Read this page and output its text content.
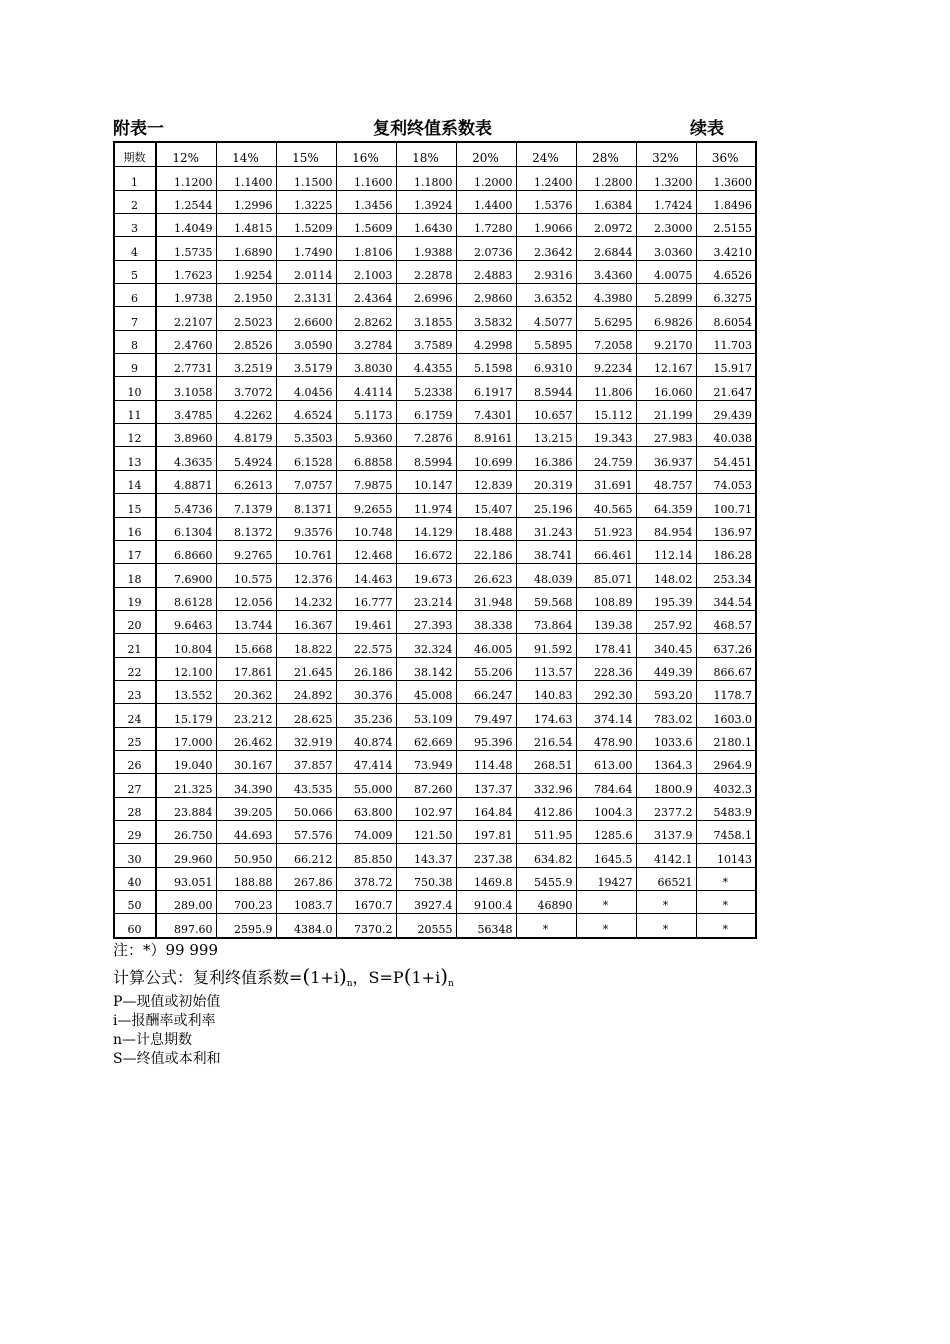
附表一	复利终值系数表	续表
期数	12%	14%	15%	16%	18%	20%	24%	28%	32%	36%
1	1.1200	1.1400	1.1500	1.1600	1.1800	1.2000	1.2400	1.2800	1.3200	1.3600
2	1.2544	1.2996	1.3225	1.3456	1.3924	1.4400	1.5376	1.6384	1.7424	1.8496
3	1.4049	1.4815	1.5209	1.5609	1.6430	1.7280	1.9066	2.0972	2.3000	2.5155
4	1.5735	1.6890	1.7490	1.8106	1.9388	2.0736	2.3642	2.6844	3.0360	3.4210
5	1.7623	1.9254	2.0114	2.1003	2.2878	2.4883	2.9316	3.4360	4.0075	4.6526
6	1.9738	2.1950	2.3131	2.4364	2.6996	2.9860	3.6352	4.3980	5.2899	6.3275
7	2.2107	2.5023	2.6600	2.8262	3.1855	3.5832	4.5077	5.6295	6.9826	8.6054
8	2.4760	2.8526	3.0590	3.2784	3.7589	4.2998	5.5895	7.2058	9.2170	11.703
9	2.7731	3.2519	3.5179	3.8030	4.4355	5.1598	6.9310	9.2234	12.167	15.917
10	3.1058	3.7072	4.0456	4.4114	5.2338	6.1917	8.5944	11.806	16.060	21.647
11	3.4785	4.2262	4.6524	5.1173	6.1759	7.4301	10.657	15.112	21.199	29.439
12	3.8960	4.8179	5.3503	5.9360	7.2876	8.9161	13.215	19.343	27.983	40.038
13	4.3635	5.4924	6.1528	6.8858	8.5994	10.699	16.386	24.759	36.937	54.451
14	4.8871	6.2613	7.0757	7.9875	10.147	12.839	20.319	31.691	48.757	74.053
15	5.4736	7.1379	8.1371	9.2655	11.974	15.407	25.196	40.565	64.359	100.71
16	6.1304	8.1372	9.3576	10.748	14.129	18.488	31.243	51.923	84.954	136.97
17	6.8660	9.2765	10.761	12.468	16.672	22.186	38.741	66.461	112.14	186.28
18	7.6900	10.575	12.376	14.463	19.673	26.623	48.039	85.071	148.02	253.34
19	8.6128	12.056	14.232	16.777	23.214	31.948	59.568	108.89	195.39	344.54
20	9.6463	13.744	16.367	19.461	27.393	38.338	73.864	139.38	257.92	468.57
21	10.804	15.668	18.822	22.575	32.324	46.005	91.592	178.41	340.45	637.26
22	12.100	17.861	21.645	26.186	38.142	55.206	113.57	228.36	449.39	866.67
23	13.552	20.362	24.892	30.376	45.008	66.247	140.83	292.30	593.20	1178.7
24	15.179	23.212	28.625	35.236	53.109	79.497	174.63	374.14	783.02	1603.0
25	17.000	26.462	32.919	40.874	62.669	95.396	216.54	478.90	1033.6	2180.1
26	19.040	30.167	37.857	47.414	73.949	114.48	268.51	613.00	1364.3	2964.9
27	21.325	34.390	43.535	55.000	87.260	137.37	332.96	784.64	1800.9	4032.3
28	23.884	39.205	50.066	63.800	102.97	164.84	412.86	1004.3	2377.2	5483.9
29	26.750	44.693	57.576	74.009	121.50	197.81	511.95	1285.6	3137.9	7458.1
30	29.960	50.950	66.212	85.850	143.37	237.38	634.82	1645.5	4142.1	10143
40	93.051	188.88	267.86	378.72	750.38	1469.8	5455.9	19427	66521	*
50	289.00	700.23	1083.7	1670.7	3927.4	9100.4	46890	*	*	*
60	897.60	2595.9	4384.0	7370.2	20555	56348	*	*	*	*
注：*）99 999
计算公式：复利终值系数$=(1+i)_n$，$S=P(1+i)_n$
P—现值或初始值
i—报酬率或利率
n—计息期数
S—终值或本利和
